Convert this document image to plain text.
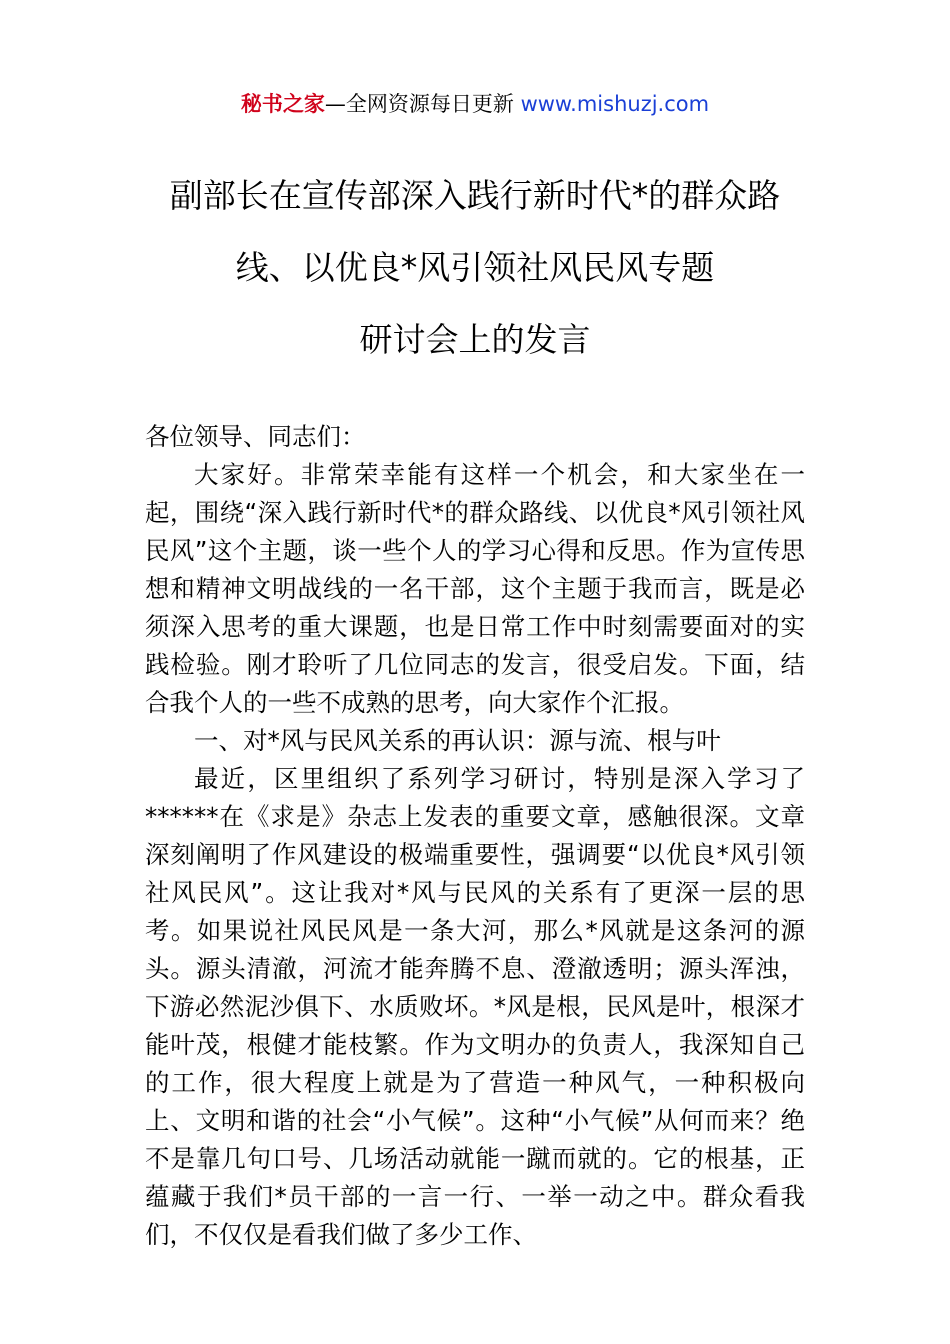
秘书之家—全网资源每日更新 www.mishuzj.com
副部长在宣传部深入践行新时代*的群众路
线、以优良*风引领社风民风专题
研讨会上的发言

各位领导、同志们：

大家好。非常荣幸能有这样一个机会，和大家坐在一起，围绕“深入践行新时代*的群众路线、以优良*风引领社风民风”这个主题，谈一些个人的学习心得和反思。作为宣传思想和精神文明战线的一名干部，这个主题于我而言，既是必须深入思考的重大课题，也是日常工作中时刻需要面对的实践检验。刚才聆听了几位同志的发言，很受启发。下面，结合我个人的一些不成熟的思考，向大家作个汇报。

一、对*风与民风关系的再认识：源与流、根与叶

最近，区里组织了系列学习研讨，特别是深入学习了******在《求是》杂志上发表的重要文章，感触很深。文章深刻阐明了作风建设的极端重要性，强调要“以优良*风引领社风民风”。这让我对*风与民风的关系有了更深一层的思考。如果说社风民风是一条大河，那么*风就是这条河的源头。源头清澈，河流才能奔腾不息、澄澈透明；源头浑浊，下游必然泥沙俱下、水质败坏。*风是根，民风是叶，根深才能叶茂，根健才能枝繁。作为文明办的负责人，我深知自己的工作，很大程度上就是为了营造一种风气，一种积极向上、文明和谐的社会“小气候”。这种“小气候”从何而来？绝不是靠几句口号、几场活动就能一蹴而就的。它的根基，正蕴藏于我们*员干部的一言一行、一举一动之中。群众看我们，不仅仅是看我们做了多少工作、
